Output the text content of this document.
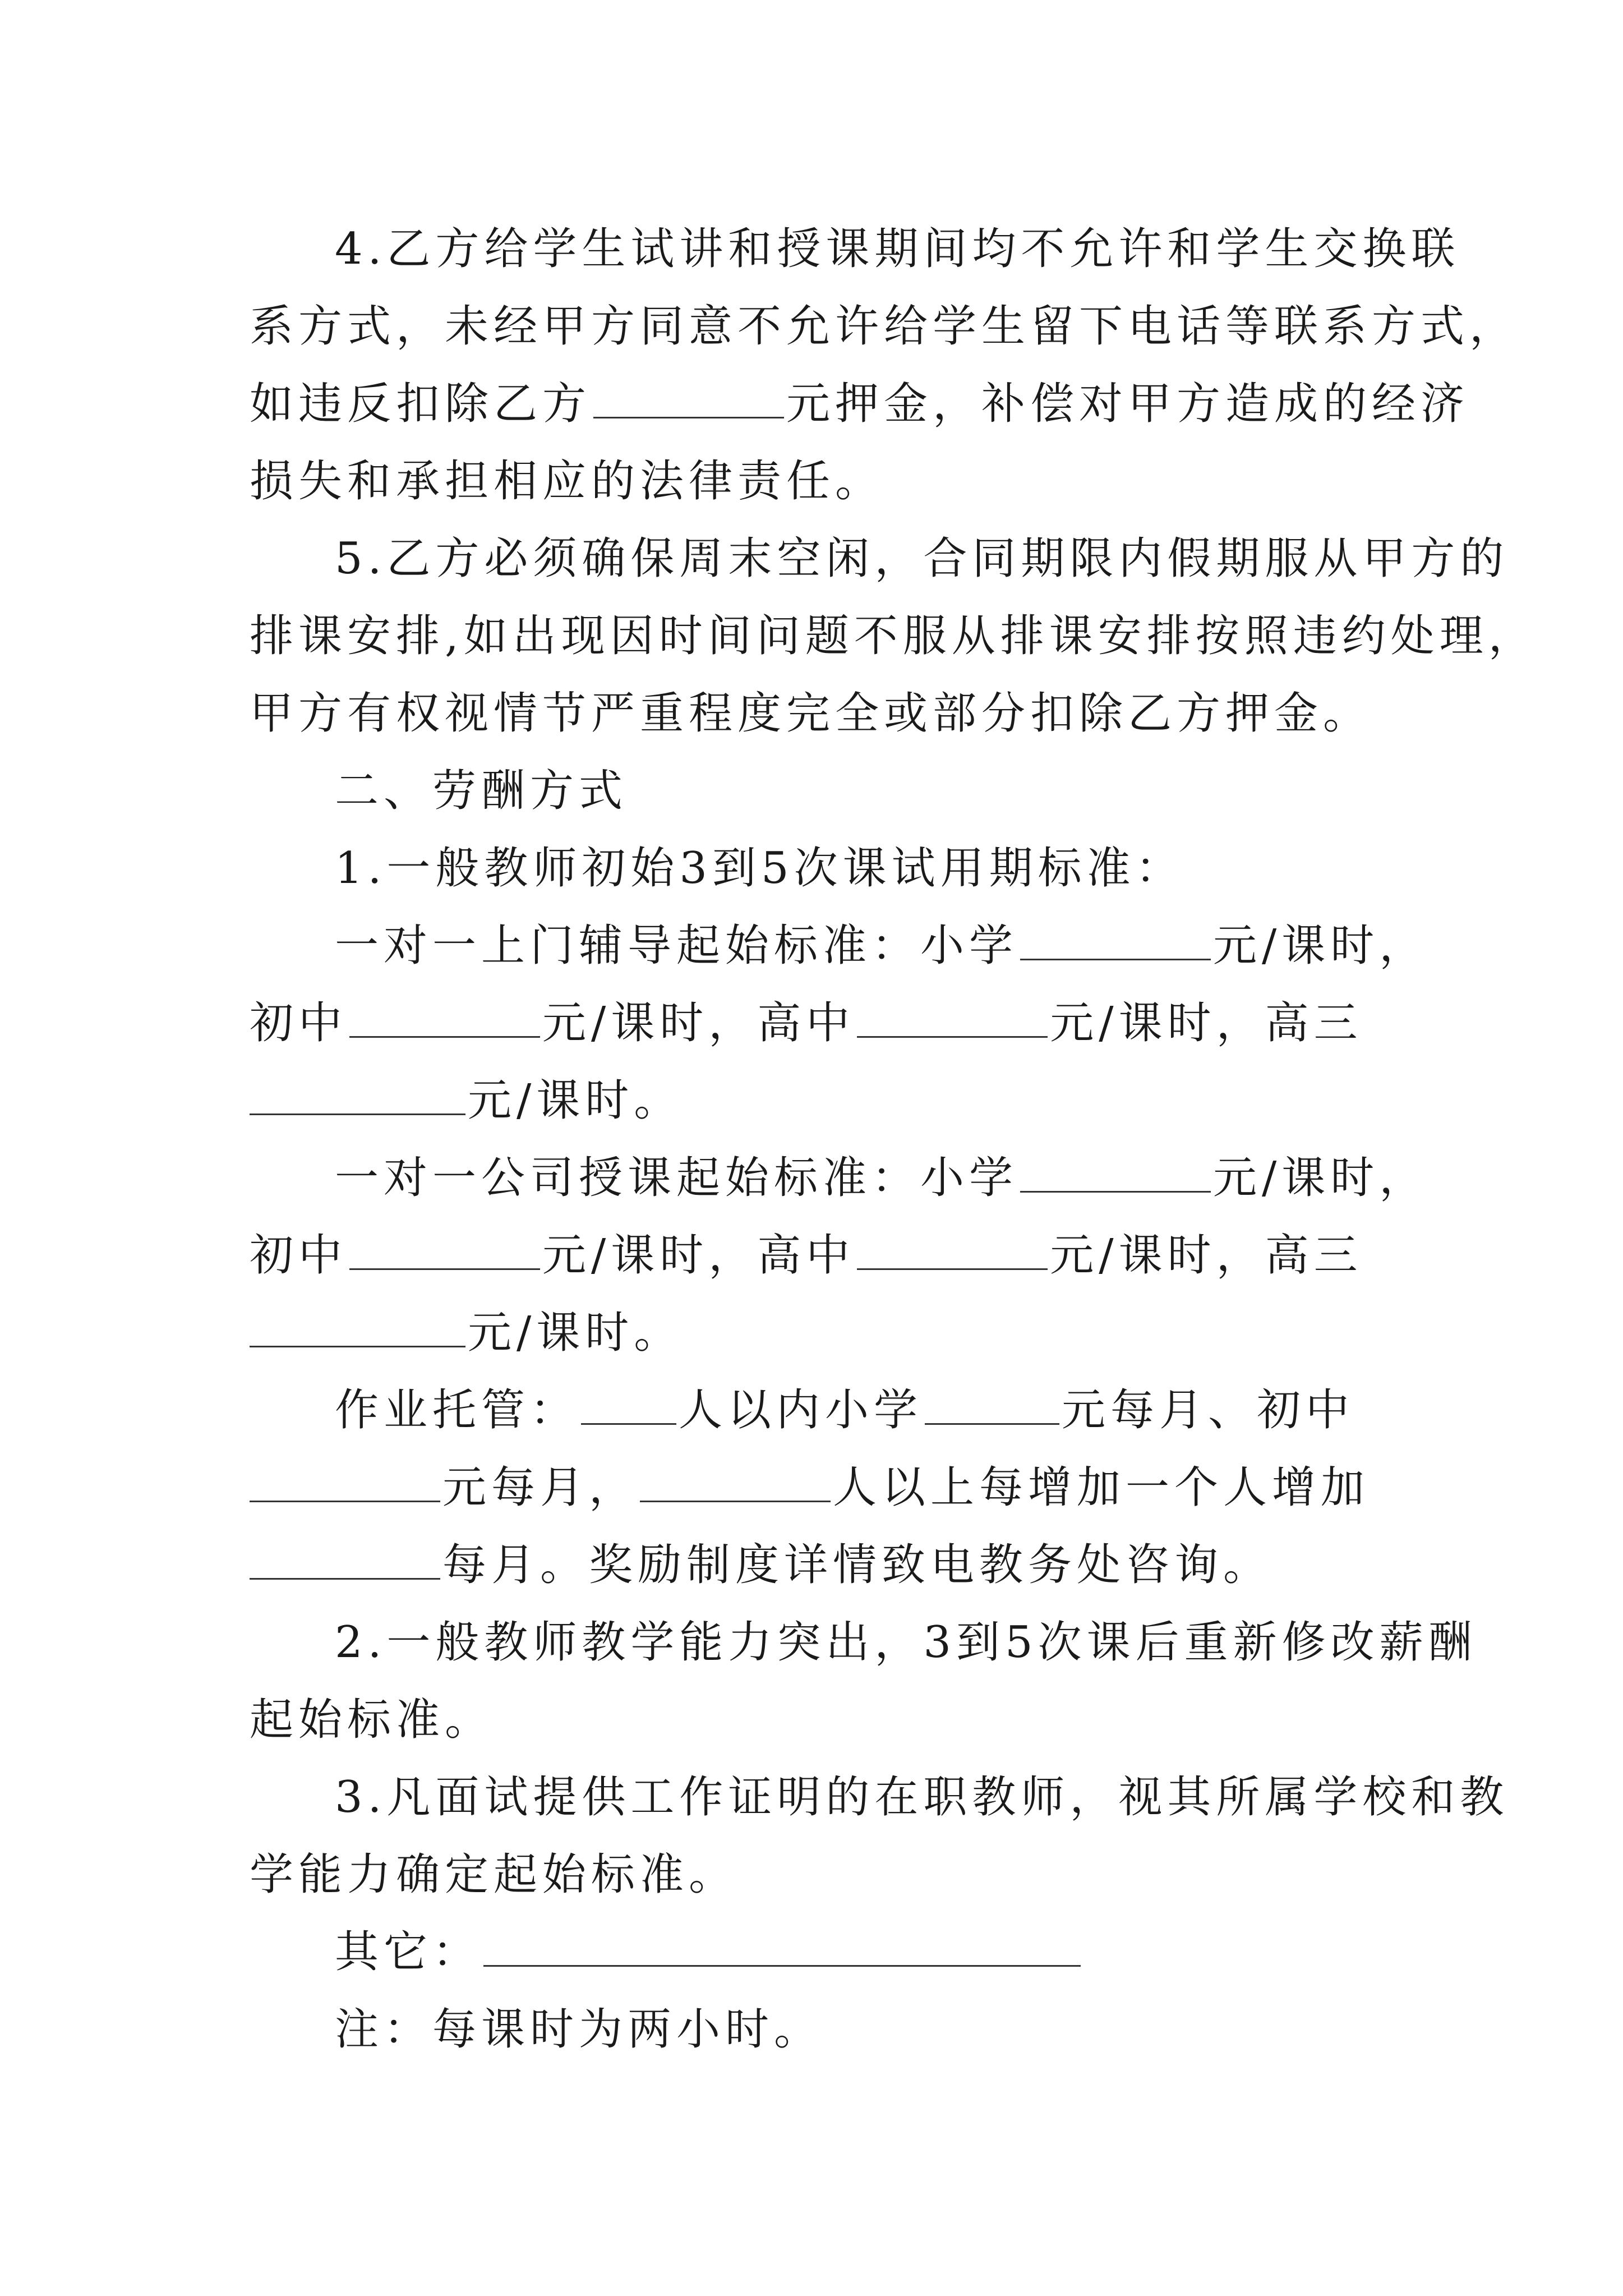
4.乙方给学生试讲和授课期间均不允许和学生交换联
系方式，未经甲方同意不允许给学生留下电话等联系方式，
如违反扣除乙方	元押金，补偿对甲方造成的经济
损失和承担相应的法律责任。
5.乙方必须确保周末空闲，合同期限内假期服从甲方的
排课安排,如出现因时间问题不服从排课安排按照违约处理，
甲方有权视情节严重程度完全或部分扣除乙方押金。
二、劳酬方式
1.一般教师初始3到5次课试用期标准：
一对一上门辅导起始标准：小学	元/课时，
初中	元/课时，高中	元/课时，高三
元/课时。
一对一公司授课起始标准：小学	元/课时，
初中	元/课时，高中	元/课时，高三
元/课时。
作业托管： 人以内小学	元每月、初中
元每月，	人以上每增加一个人增加
每月。奖励制度详情致电教务处咨询。
2.一般教师教学能力突出，3到5次课后重新修改薪酬
起始标准。
3.凡面试提供工作证明的在职教师，视其所属学校和教
学能力确定起始标准。
其它：
注：每课时为两小时。
